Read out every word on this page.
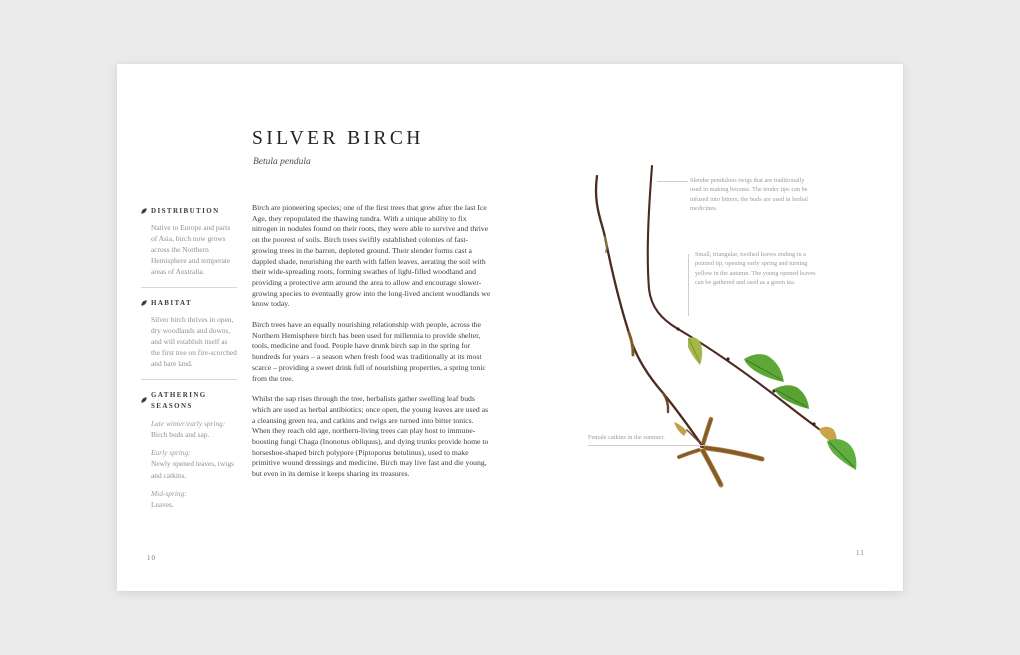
SILVER BIRCH
Betula pendula
DISTRIBUTION
Native to Europe and parts of Asia, birch now grows across the Northern Hemisphere and temperate areas of Australia.
HABITAT
Silver birch thrives in open, dry woodlands and downs, and will establish itself as the first tree on fire-scorched and bare land.
GATHERING SEASONS
Late winter/early spring:
Birch buds and sap.
Early spring:
Newly opened leaves, twigs and catkins.
Mid-spring:
Leaves.

Birch are pioneering species; one of the first trees that grew after the last Ice Age, they repopulated the thawing tundra. With a unique ability to fix nitrogen in nodules found on their roots, they were able to survive and thrive on the poorest of soils. Birch trees swiftly established colonies of fast-growing trees in the barren, depleted ground. Their slender forms cast a dappled shade, nourishing the earth with fallen leaves, aerating the soil with their wide-spreading roots, forming swathes of light-filled woodland and providing a protective arm around the area to allow and encourage slower-growing species to eventually grow into the long-lived ancient woodlands we know today.

Birch trees have an equally nourishing relationship with people, across the Northern Hemisphere birch has been used for millennia to provide shelter, tools, medicine and food. People have drunk birch sap in the spring for hundreds for years – a season when fresh food was traditionally at its most scarce – providing a sweet drink full of nourishing properties, a spring tonic from the tree.

Whilst the sap rises through the tree, herbalists gather swelling leaf buds which are used as herbal antibiotics; once open, the young leaves are used as a cleansing green tea, and catkins and twigs are turned into bitter tonics. When they reach old age, northern-living trees can play host to immune-boosting fungi Chaga (Inonotus obliquus), and dying trunks provide home to horseshoe-shaped birch polypore (Piptoporus betulinus), used to make primitive wound dressings and medicine. Birch may live fast and die young, but even in its demise it keeps sharing its treasures.

10
Slender pendulous twigs that are traditionally used in making brooms. The tender tips can be infused into bitters; the buds are used in herbal medicines.
Small, triangular, toothed leaves ending in a pointed tip, opening early spring and turning yellow in the autumn. The young opened leaves can be gathered and used as a green tea.
Female catkins in the summer.
11
